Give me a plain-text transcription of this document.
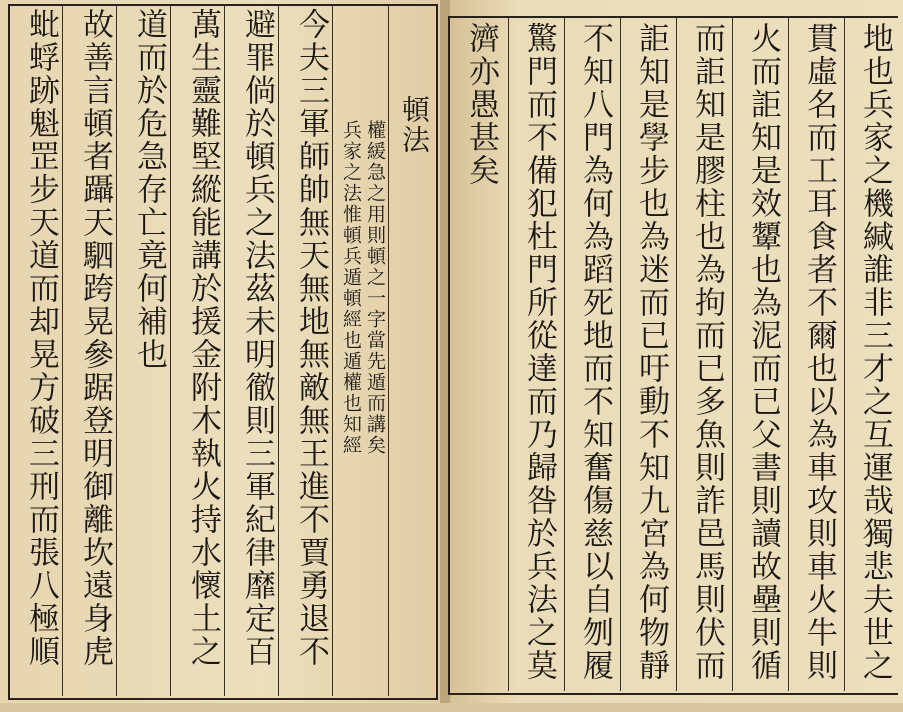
蚍蜉跡魁罡步天道而却晃方破三刑而張八極順 故善言頓者躡天駟跨晃參踞登明御離坎遠身虎 道而於危急存亡竟何補也 萬生靈難堅縱能講於援金附木執火持水懷土之 避罪倘於頓兵之法茲未明徹則三軍紀律靡定百 今夫三軍師帥無天無地無敵無王進不賈勇退不 兵家之法惟頓兵遁頓經也遁權也知經 權緩急之用則頓之一字當先遁而講矣 頓法 濟亦愚甚矣 驚門而不備犯杜門所從達而乃歸咎於兵法之莫 不知八門為何為蹈死地而不知奮傷慈以自刎履 詎知是學步也為迷而已吁動不知九宮為何物靜 而詎知是膠柱也為拘而已多魚則詐邑馬則伏而 火而詎知是效顰也為泥而已父書則讀故壘則循 貫虛名而工耳食者不爾也以為車攻則車火牛則 地也兵家之機緘誰非三才之互運哉獨悲夫世之
